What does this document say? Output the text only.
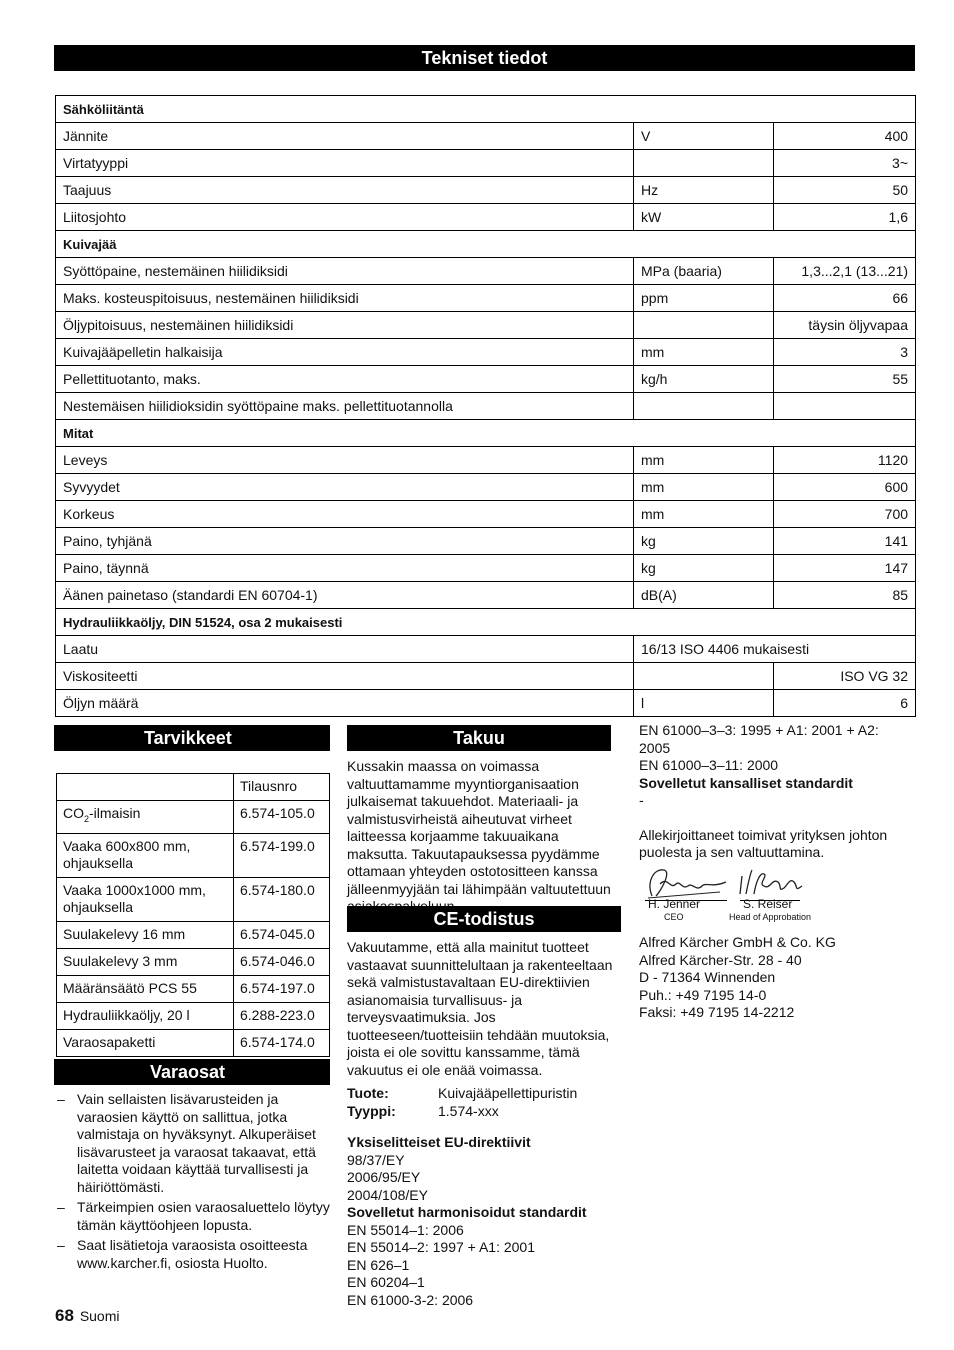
Tekniset tiedot
Sähköliitäntä		
Jännite	V	400
Virtatyyppi		3~
Taajuus	Hz	50
Liitosjohto	kW	1,6
Kuivajää		
Syöttöpaine, nestemäinen hiilidiksidi	MPa (baaria)	1,3...2,1 (13...21)
Maks. kosteuspitoisuus, nestemäinen hiilidiksidi	ppm	66
Öljypitoisuus, nestemäinen hiilidiksidi		täysin öljyvapaa
Kuivajääpelletin halkaisija	mm	3
Pellettituotanto, maks.	kg/h	55
Nestemäisen hiilidioksidin syöttöpaine maks. pellettituotannolla		
Mitat		
Leveys	mm	1120
Syvyydet	mm	600
Korkeus	mm	700
Paino, tyhjänä	kg	141
Paino, täynnä	kg	147
Äänen painetaso (standardi EN 60704-1)	dB(A)	85
Hydrauliikkaöljy, DIN 51524, osa 2 mukaisesti		
Laatu	16/13 ISO 4406 mukaisesti	
Viskositeetti		ISO VG 32
Öljyn määrä	l	6
Tarvikkeet
	Tilausnro
$CO_2$-ilmaisin	6.574-105.0
Vaaka 600x800 mm, ohjauksella	6.574-199.0
Vaaka 1000x1000 mm, ohjauksella	6.574-180.0
Suulakelevy 16 mm	6.574-045.0
Suulakelevy 3 mm	6.574-046.0
Määränsäätö PCS 55	6.574-197.0
Hydrauliikkaöljy, 20 l	6.288-223.0
Varaosapaketti	6.574-174.0
Varaosat
– Vain sellaisten lisävarusteiden ja varaosien käyttö on sallittua, jotka valmistaja on hyväksynyt. Alkuperäiset lisävarusteet ja varaosat takaavat, että laitetta voidaan käyttää turvallisesti ja häiriöttömästi.
– Tärkeimpien osien varaosaluettelo löytyy tämän käyttöohjeen lopusta.
– Saat lisätietoja varaosista osoitteesta www.karcher.fi, osiosta Huolto.
Takuu

Kussakin maassa on voimassa valtuuttamamme myyntiorganisaation julkaisemat takuuehdot. Materiaali- ja valmistusvirheistä aiheutuvat virheet laitteessa korjaamme takuuaikana maksutta. Takuutapauksessa pyydämme ottamaan yhteyden ostotositteen kanssa jälleenmyyjään tai lähimpään valtuutettuun

CE-todistus

Vakuutamme, että alla mainitut tuotteet vastaavat suunnittelultaan ja rakenteeltaan sekä valmistustavaltaan EU-direktiivien asianomaisia turvallisuus- ja terveysvaatimuksia. Jos tuotteeseen/tuotteisiin tehdään muutoksia, joista ei ole sovittu kanssamme, tämä vakuutus ei ole enää voimassa.

Tuote:	Kuivajääpellettipuristin
Tyyppi:	1.574-xxx

Yksiselitteiset EU-direktiivit

98/37/EY
2006/95/EY
2004/108/EY

Sovelletut harmonisoidut standardit

EN 55014–1: 2006
EN 55014–2: 1997 + A1: 2001
EN 626–1
EN 60204–1
EN 61000-3-2: 2006
EN 61000–3–3: 1995 + A1: 2001 + A2: 2005
EN 61000–3–11: 2000

Sovelletut kansalliset standardit

-

Allekirjoittaneet toimivat yrityksen johton puolesta ja sen valtuuttamina.

H. Jenner
CEO
S. Reiser
Head of Approbation
Alfred Kärcher GmbH & Co. KG
Alfred Kärcher-Str. 28 - 40
D - 71364 Winnenden
Puh.: +49 7195 14-0
Faksi: +49 7195 14-2212
68 Suomi
